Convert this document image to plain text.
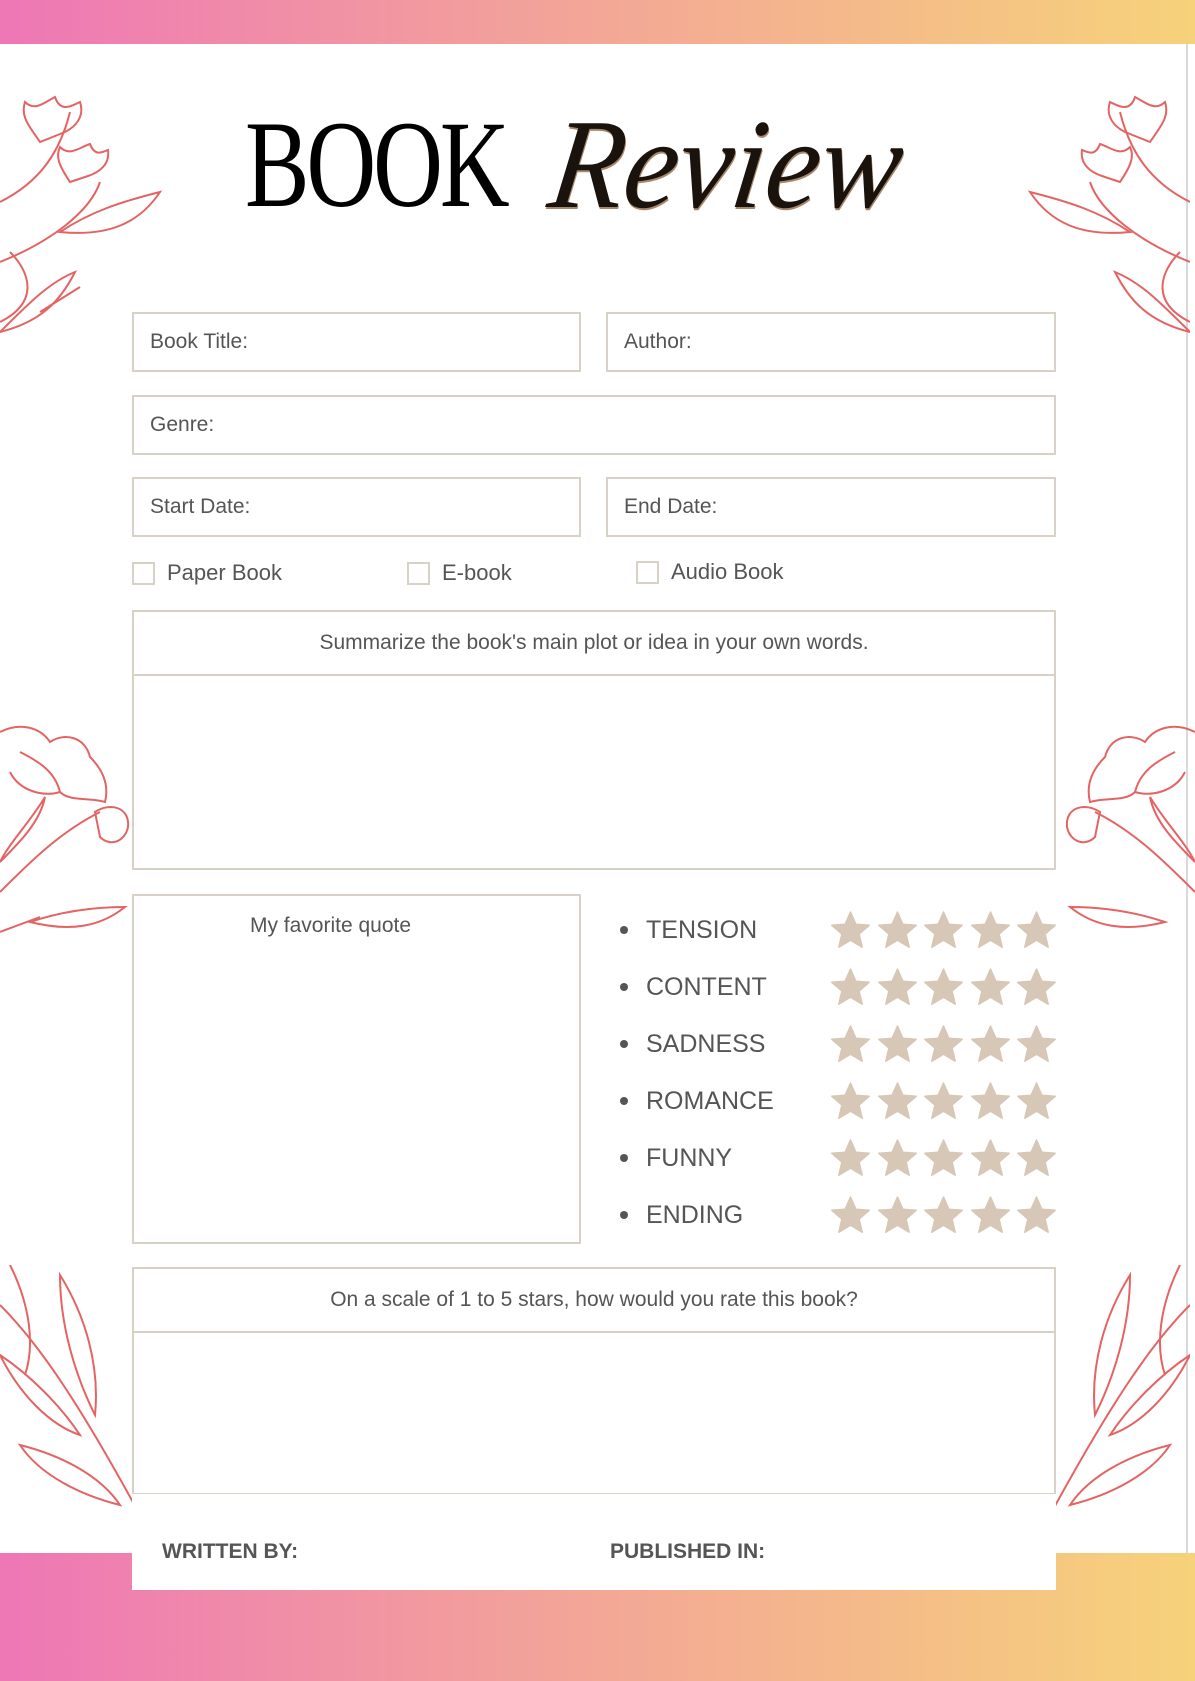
BOOK Review
Book Title:	Author:
Genre:
Start Date:	End Date:
Paper Book	E-book	Audio Book
Summarize the book's main plot or idea in your own words.
My favorite quote	TENSION
CONTENT
SADNESS
ROMANCE
FUNNY
ENDING
On a scale of 1 to 5 stars, how would you rate this book?
WRITTEN BY:	PUBLISHED IN:
